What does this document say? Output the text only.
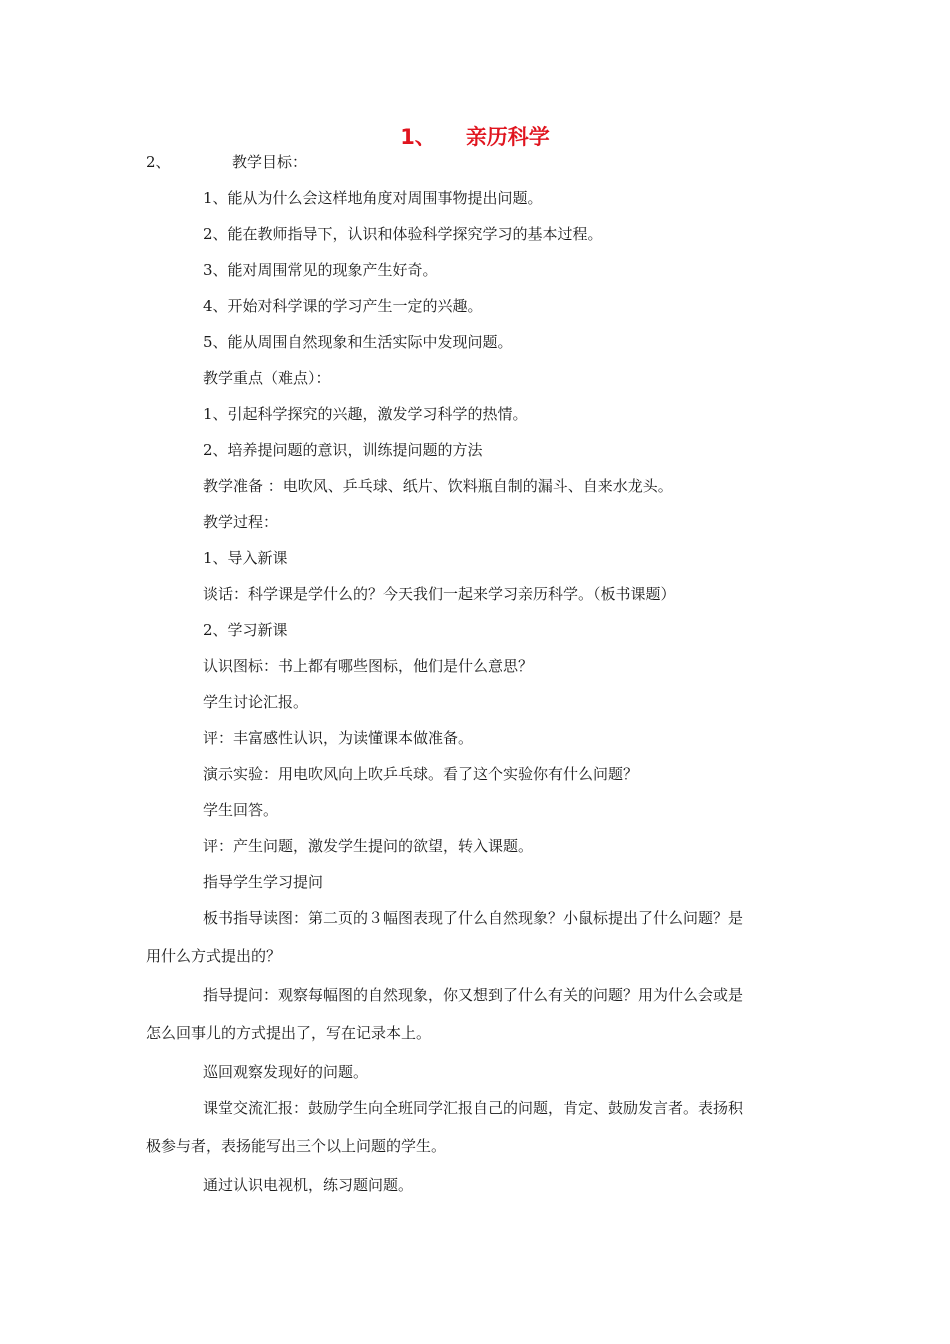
1、 亲历科学
2、	教学目标：
1、能从为什么会这样地角度对周围事物提出问题。
2、能在教师指导下，认识和体验科学探究学习的基本过程。
3、能对周围常见的现象产生好奇。
4、开始对科学课的学习产生一定的兴趣。
5、能从周围自然现象和生活实际中发现问题。
教学重点（难点）：
1、引起科学探究的兴趣，激发学习科学的热情。
2、培养提问题的意识，训练提问题的方法
教学准备 ：电吹风、乒乓球、纸片、饮料瓶自制的漏斗、自来水龙头。
教学过程：
1、导入新课
谈话：科学课是学什么的？今天我们一起来学习亲历科学。（板书课题）
2、学习新课
认识图标：书上都有哪些图标，他们是什么意思？
学生讨论汇报。
评：丰富感性认识，为读懂课本做准备。
演示实验：用电吹风向上吹乒乓球。看了这个实验你有什么问题？
学生回答。
评：产生问题，激发学生提问的欲望，转入课题。
指导学生学习提问
板书指导读图：第二页的３幅图表现了什么自然现象？小鼠标提出了什么问题？是
用什么方式提出的？
指导提问：观察每幅图的自然现象，你又想到了什么有关的问题？用为什么会或是
怎么回事儿的方式提出了，写在记录本上。
巡回观察发现好的问题。
课堂交流汇报：鼓励学生向全班同学汇报自己的问题，肯定、鼓励发言者。表扬积
极参与者，表扬能写出三个以上问题的学生。
通过认识电视机，练习题问题。
